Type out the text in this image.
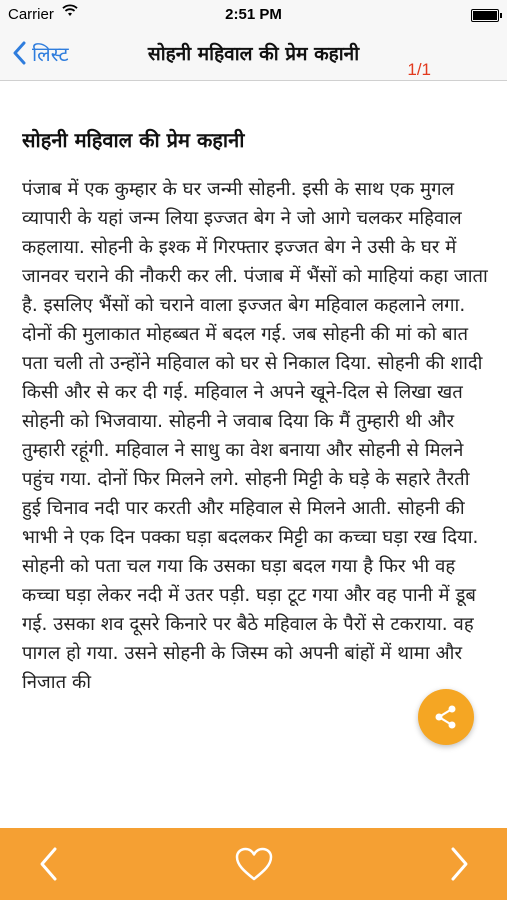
Carrier	2:51 PM
लिस्ट	सोहनी महिवाल की प्रेम कहानी
1/1
सोहनी महिवाल की प्रेम कहानी

पंजाब में एक कुम्हार के घर जन्मी सोहनी. इसी के साथ एक मुगल व्यापारी के यहां जन्म लिया इज्जत बेग ने जो आगे चलकर महिवाल कहलाया. सोहनी के इश्क में गिरफ्तार इज्जत बेग ने उसी के घर में जानवर चराने की नौकरी कर ली. पंजाब में भैंसों को माहियां कहा जाता है. इसलिए भैंसों को चराने वाला इज्जत बेग महिवाल कहलाने लगा. दोनों की मुलाकात मोहब्बत में बदल गई. जब सोहनी की मां को बात पता चली तो उन्होंने महिवाल को घर से निकाल दिया. सोहनी की शादी किसी और से कर दी गई. महिवाल ने अपने खूने-दिल से लिखा खत सोहनी को भिजवाया. सोहनी ने जवाब दिया कि मैं तुम्हारी थी और तुम्हारी रहूंगी. महिवाल ने साधु का वेश बनाया और सोहनी से मिलने पहुंच गया. दोनों फिर मिलने लगे. सोहनी मिट्टी के घड़े के सहारे तैरती हुई चिनाव नदी पार करती और महिवाल से मिलने आती. सोहनी की भाभी ने एक दिन पक्का घड़ा बदलकर मिट्टी का कच्चा घड़ा रख दिया. सोहनी को पता चल गया कि उसका घड़ा बदल गया है फिर भी वह कच्चा घड़ा लेकर नदी में उतर पड़ी. घड़ा टूट गया और वह पानी में डूब गई. उसका शव दूसरे किनारे पर बैठे महिवाल के पैरों से टकराया. वह पागल हो गया. उसने सोहनी के जिस्म को अपनी बांहों में थामा और निजात की
